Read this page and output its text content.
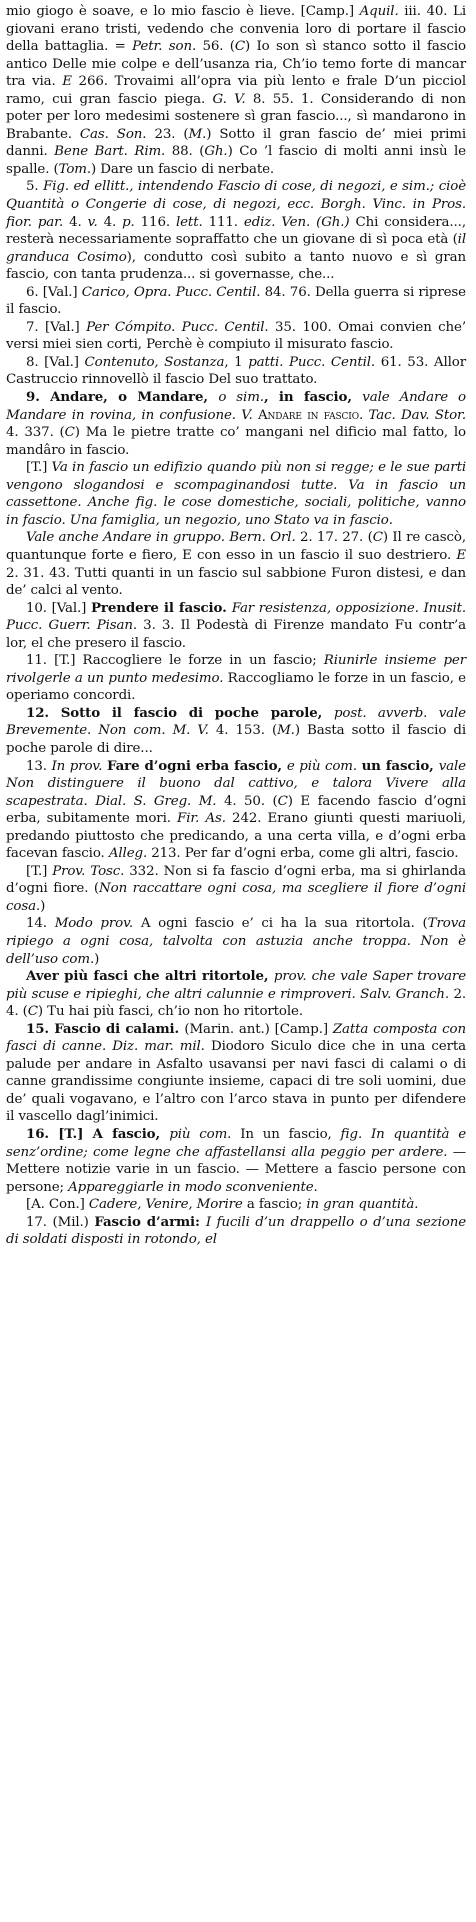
mio giogo è soave, e lo mio fascio è lieve. [Camp.] Aquil. iii. 40. Li giovani erano tristi, vedendo che convenia loro di portare il fascio della battaglia. = Petr. son. 56. (C) Io son sì stanco sotto il fascio antico Delle mie colpe e dell’usanza ria, Ch’io temo forte di mancar tra via. E 266. Trovaimi all’opra via più lento e frale D’un picciol ramo, cui gran fascio piega. G. V. 8. 55. 1. Considerando di non poter per loro medesimi sostenere sì gran fascio..., sì mandarono in Brabante. Cas. Son. 23. (M.) Sotto il gran fascio de’ miei primi danni. Bene Bart. Rim. 88. (Gh.) Co ’l fascio di molti anni insù le spalle. (Tom.) Dare un fascio di nerbate.

5. Fig. ed ellitt., intendendo Fascio di cose, di negozi, e sim.; cioè Quantità o Congerie di cose, di negozi, ecc. Borgh. Vinc. in Pros. fior. par. 4. v. 4. p. 116. lett. 111. ediz. Ven. (Gh.) Chi considera..., resterà necessariamente sopraffatto che un giovane di sì poca età (il granduca Cosimo), condutto così subito a tanto nuovo e sì gran fascio, con tanta prudenza... si governasse, che...

6. [Val.] Carico, Opra. Pucc. Centil. 84. 76. Della guerra si riprese il fascio.

7. [Val.] Per Cómpito. Pucc. Centil. 35. 100. Omai convien che’ versi miei sien corti, Perchè è compiuto il misurato fascio.

8. [Val.] Contenuto, Sostanza, 1 patti. Pucc. Centil. 61. 53. Allor Castruccio rinnovellò il fascio Del suo trattato.

9. Andare, o Mandare, o sim., in fascio, vale Andare o Mandare in rovina, in confusione. V. Andare in fascio. Tac. Dav. Stor. 4. 337. (C) Ma le pietre tratte co’ mangani nel dificio mal fatto, lo mandâro in fascio.

[T.] Va in fascio un edifizio quando più non si regge; e le sue parti vengono slogandosi e scompaginandosi tutte. Va in fascio un cassettone. Anche fig. le cose domestiche, sociali, politiche, vanno in fascio. Una famiglia, un negozio, uno Stato va in fascio.

Vale anche Andare in gruppo. Bern. Orl. 2. 17. 27. (C) Il re cascò, quantunque forte e fiero, E con esso in un fascio il suo destriero. E 2. 31. 43. Tutti quanti in un fascio sul sabbione Furon distesi, e dan de’ calci al vento.

10. [Val.] Prendere il fascio. Far resistenza, opposizione. Inusit. Pucc. Guerr. Pisan. 3. 3. Il Podestà di Firenze mandato Fu contr’a lor, el che presero il fascio.

11. [T.] Raccogliere le forze in un fascio; Riunirle insieme per rivolgerle a un punto medesimo. Raccogliamo le forze in un fascio, e operiamo concordi.

12. Sotto il fascio di poche parole, post. avverb. vale Brevemente. Non com. M. V. 4. 153. (M.) Basta sotto il fascio di poche parole di dire...

13. In prov. Fare d’ogni erba fascio, e più com. un fascio, vale Non distinguere il buono dal cattivo, e talora Vivere alla scapestrata. Dial. S. Greg. M. 4. 50. (C) E facendo fascio d’ogni erba, subitamente mori. Fir. As. 242. Erano giunti questi mariuoli, predando piuttosto che predicando, a una certa villa, e d’ogni erba facevan fascio. Alleg. 213. Per far d’ogni erba, come gli altri, fascio.

[T.] Prov. Tosc. 332. Non si fa fascio d’ogni erba, ma si ghirlanda d’ogni fiore. (Non raccattare ogni cosa, ma scegliere il fiore d’ogni cosa.)

14. Modo prov. A ogni fascio e’ ci ha la sua ritortola. (Trova ripiego a ogni cosa, talvolta con astuzia anche troppa. Non è dell’uso com.)

Aver più fasci che altri ritortole, prov. che vale Saper trovare più scuse e ripieghi, che altri calunnie e rimproveri. Salv. Granch. 2. 4. (C) Tu hai più fasci, ch’io non ho ritortole.

15. Fascio di calami. (Marin. ant.) [Camp.] Zatta composta con fasci di canne. Diz. mar. mil. Diodoro Siculo dice che in una certa palude per andare in Asfalto usavansi per navi fasci di calami o di canne grandissime congiunte insieme, capaci di tre soli uomini, due de’ quali vogavano, e l’altro con l’arco stava in punto per difendere il vascello dagl’inimici.

16. [T.] A fascio, più com. In un fascio, fig. In quantità e senz’ordine; come legne che affastellansi alla peggio per ardere. — Mettere notizie varie in un fascio. — Mettere a fascio persone con persone; Appareggiarle in modo sconveniente.

[A. Con.] Cadere, Venire, Morire a fascio; in gran quantità.

17. (Mil.) Fascio d’armi: I fucili d’un drappello o d’una sezione di soldati disposti in rotondo, el
